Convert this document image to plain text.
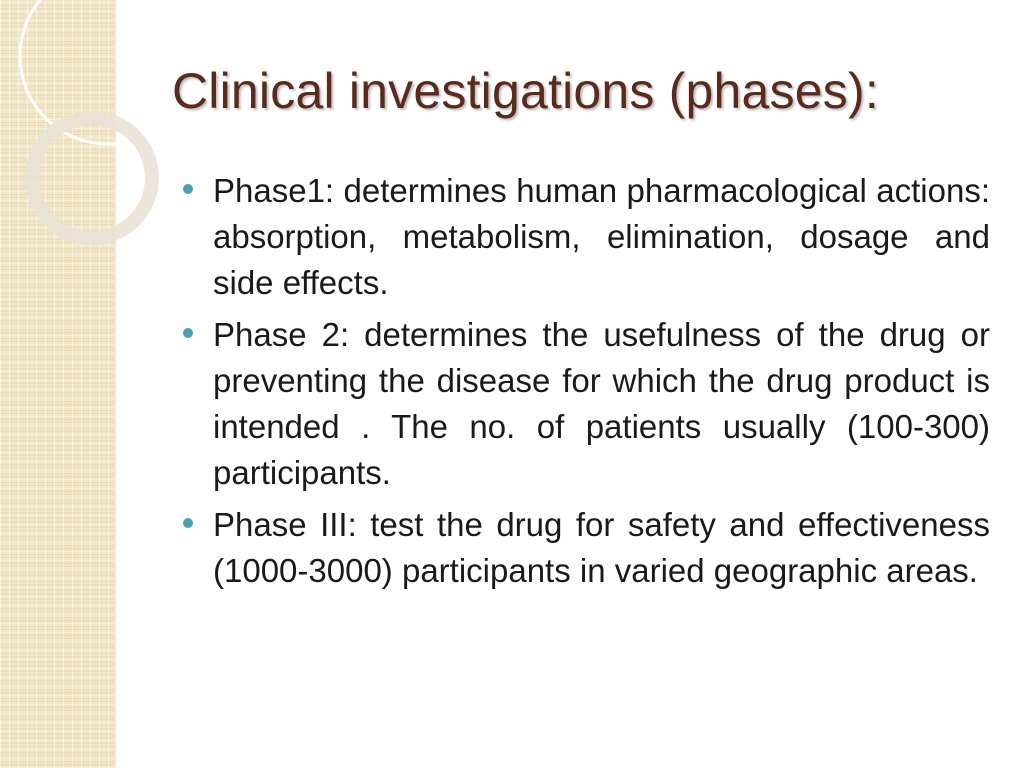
Clinical investigations (phases):
Phase1: determines human pharmacological actions: absorption, metabolism, elimination, dosage and side effects.
Phase 2: determines the usefulness of the drug or preventing the disease for which the drug product is intended . The no. of patients usually (100-300) participants.
Phase III: test the drug for safety and effectiveness (1000-3000) participants in varied geographic areas.
